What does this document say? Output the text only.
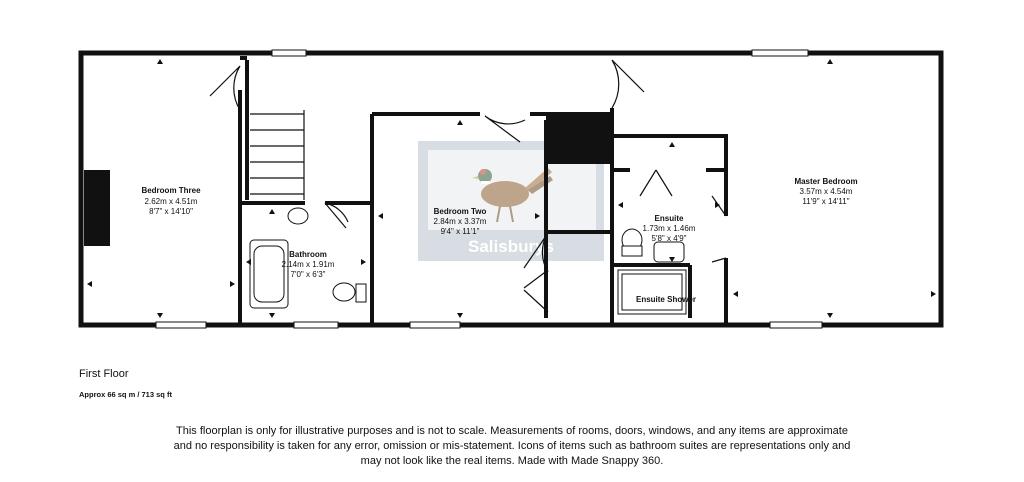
Salisburys
Bedroom Three
2.62m x 4.51m
8'7" x 14'10"
Bathroom
2.14m x 1.91m
7'0" x 6'3"
Bedroom Two
2.84m x 3.37m
9'4" x 11'1"
Ensuite
1.73m x 1.46m
5'8" x 4'9"
Master Bedroom
3.57m x 4.54m
11'9" x 14'11"
Ensuite Shower
First Floor
Approx 66 sq m / 713 sq ft
This floorplan is only for illustrative purposes and is not to scale. Measurements of rooms, doors, windows, and any items are approximate
and no responsibility is taken for any error, omission or mis-statement. Icons of items such as bathroom suites are representations only and
may not look like the real items. Made with Made Snappy 360.
